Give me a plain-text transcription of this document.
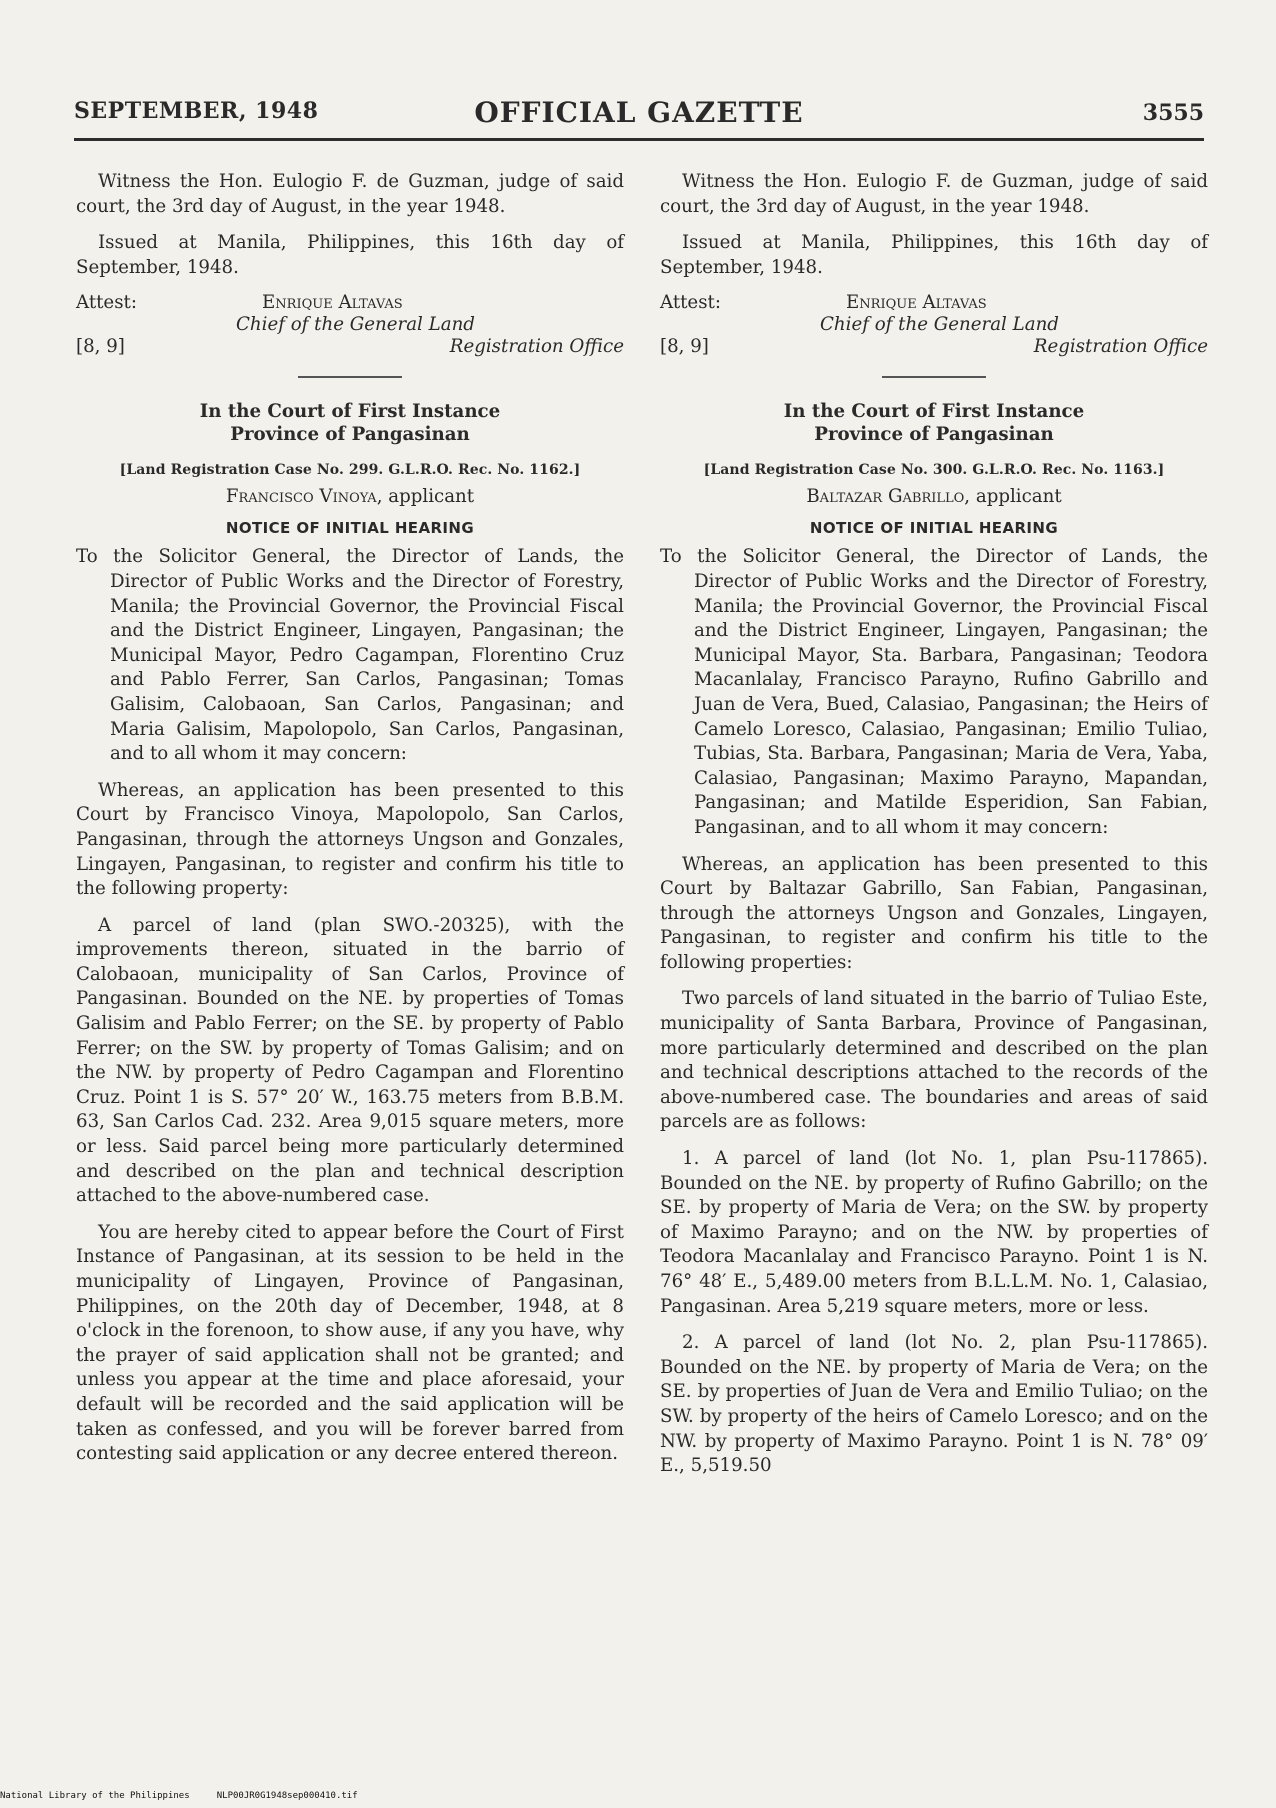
SEPTEMBER, 1948	OFFICIAL GAZETTE	3555

Witness the Hon. Eulogio F. de Guzman, judge of said court, the 3rd day of August, in the year 1948.

Issued at Manila, Philippines, this 16th day of September, 1948.

Attest:
[8, 9]
Enrique Altavas
Chief of the General Land
Registration Office
In the Court of First Instance
Province of Pangasinan
[Land Registration Case No. 299. G.L.R.O. Rec. No. 1162.]
Francisco Vinoya, applicant
NOTICE OF INITIAL HEARING

To the Solicitor General, the Director of Lands, the Director of Public Works and the Director of Forestry, Manila; the Provincial Governor, the Provincial Fiscal and the District Engineer, Lingayen, Pangasinan; the Municipal Mayor, Pedro Cagampan, Florentino Cruz and Pablo Ferrer, San Carlos, Pangasinan; Tomas Galisim, Calobaoan, San Carlos, Pangasinan; and Maria Galisim, Mapolopolo, San Carlos, Pangasinan, and to all whom it may concern:

Whereas, an application has been presented to this Court by Francisco Vinoya, Mapolopolo, San Carlos, Pangasinan, through the attorneys Ungson and Gonzales, Lingayen, Pangasinan, to register and confirm his title to the following property:

A parcel of land (plan SWO.-20325), with the improvements thereon, situated in the barrio of Calobaoan, municipality of San Carlos, Province of Pangasinan. Bounded on the NE. by properties of Tomas Galisim and Pablo Ferrer; on the SE. by property of Pablo Ferrer; on the SW. by property of Tomas Galisim; and on the NW. by property of Pedro Cagampan and Florentino Cruz. Point 1 is S. 57° 20′ W., 163.75 meters from B.B.M. 63, San Carlos Cad. 232. Area 9,015 square meters, more or less. Said parcel being more particularly determined and described on the plan and technical description attached to the above-numbered case.

You are hereby cited to appear before the Court of First Instance of Pangasinan, at its session to be held in the municipality of Lingayen, Province of Pangasinan, Philippines, on the 20th day of December, 1948, at 8 o'clock in the forenoon, to show ause, if any you have, why the prayer of said application shall not be granted; and unless you appear at the time and place aforesaid, your default will be recorded and the said application will be taken as confessed, and you will be forever barred from contesting said application or any decree entered thereon.

Witness the Hon. Eulogio F. de Guzman, judge of said court, the 3rd day of August, in the year 1948.

Issued at Manila, Philippines, this 16th day of September, 1948.

Attest:
[8, 9]
Enrique Altavas
Chief of the General Land
Registration Office
In the Court of First Instance
Province of Pangasinan
[Land Registration Case No. 300. G.L.R.O. Rec. No. 1163.]
Baltazar Gabrillo, applicant
NOTICE OF INITIAL HEARING

To the Solicitor General, the Director of Lands, the Director of Public Works and the Director of Forestry, Manila; the Provincial Governor, the Provincial Fiscal and the District Engineer, Lingayen, Pangasinan; the Municipal Mayor, Sta. Barbara, Pangasinan; Teodora Macanlalay, Francisco Parayno, Rufino Gabrillo and Juan de Vera, Bued, Calasiao, Pangasinan; the Heirs of Camelo Loresco, Calasiao, Pangasinan; Emilio Tuliao, Tubias, Sta. Barbara, Pangasinan; Maria de Vera, Yaba, Calasiao, Pangasinan; Maximo Parayno, Mapandan, Pangasinan; and Matilde Esperidion, San Fabian, Pangasinan, and to all whom it may concern:

Whereas, an application has been presented to this Court by Baltazar Gabrillo, San Fabian, Pangasinan, through the attorneys Ungson and Gonzales, Lingayen, Pangasinan, to register and confirm his title to the following properties:

Two parcels of land situated in the barrio of Tuliao Este, municipality of Santa Barbara, Province of Pangasinan, more particularly determined and described on the plan and technical descriptions attached to the records of the above-numbered case. The boundaries and areas of said parcels are as follows:

1. A parcel of land (lot No. 1, plan Psu-117865). Bounded on the NE. by property of Rufino Gabrillo; on the SE. by property of Maria de Vera; on the SW. by property of Maximo Parayno; and on the NW. by properties of Teodora Macanlalay and Francisco Parayno. Point 1 is N. 76° 48′ E., 5,489.00 meters from B.L.L.M. No. 1, Calasiao, Pangasinan. Area 5,219 square meters, more or less.

2. A parcel of land (lot No. 2, plan Psu-117865). Bounded on the NE. by property of Maria de Vera; on the SE. by properties of Juan de Vera and Emilio Tuliao; on the SW. by property of the heirs of Camelo Loresco; and on the NW. by property of Maximo Parayno. Point 1 is N. 78° 09′ E., 5,519.50

National Library of the Philippines     NLP00JR0G1948sep000410.tif
